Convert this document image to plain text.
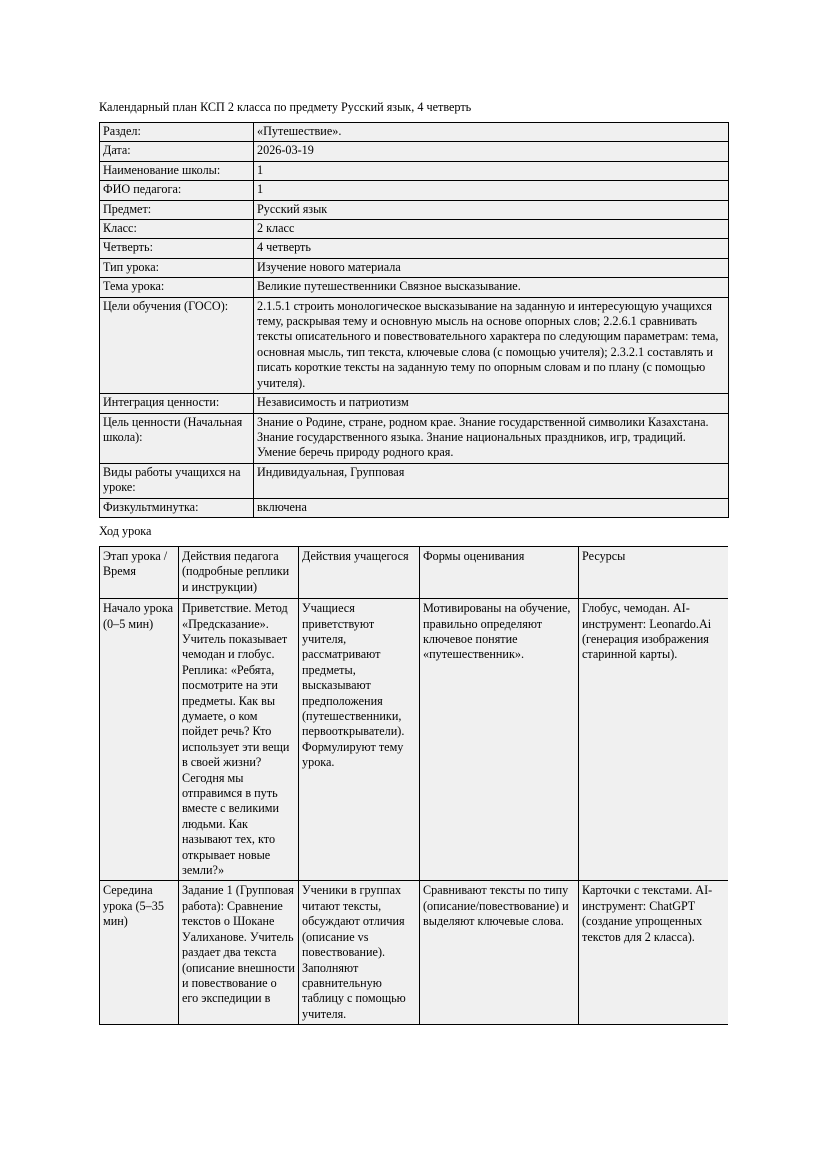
Календарный план КСП 2 класса по предмету Русский язык, 4 четверть

Раздел:	«Путешествие».
Дата:	2026-03-19
Наименование школы:	1
ФИО педагога:	1
Предмет:	Русский язык
Класс:	2 класс
Четверть:	4 четверть
Тип урока:	Изучение нового материала
Тема урока:	Великие путешественники Связное высказывание.
Цели обучения (ГОСО):	2.1.5.1 строить монологическое высказывание на заданную и интересующую учащихся тему, раскрывая тему и основную мысль на основе опорных слов; 2.2.6.1 сравнивать тексты описательного и повествовательного характера по следующим параметрам: тема, основная мысль, тип текста, ключевые слова (с помощью учителя); 2.3.2.1 составлять и писать короткие тексты на заданную тему по опорным словам и по плану (с помощью учителя).
Интеграция ценности:	Независимость и патриотизм
Цель ценности (Начальная школа):	Знание о Родине, стране, родном крае. Знание государственной символики Казахстана. Знание государственного языка. Знание национальных праздников, игр, традиций. Умение беречь природу родного края.
Виды работы учащихся на уроке:	Индивидуальная, Групповая
Физкультминутка:	включена

Ход урока

Этап урока / Время	Действия педагога (подробные реплики и инструкции)	Действия учащегося	Формы оценивания	Ресурсы
Начало урока (0–5 мин)	Приветствие. Метод «Предсказание». Учитель показывает чемодан и глобус. Реплика: «Ребята, посмотрите на эти предметы. Как вы думаете, о ком пойдет речь? Кто использует эти вещи в своей жизни? Сегодня мы отправимся в путь вместе с великими людьми. Как называют тех, кто открывает новые земли?»	Учащиеся приветствуют учителя, рассматривают предметы, высказывают предположения (путешественники, первооткрыватели). Формулируют тему урока.	Мотивированы на обучение, правильно определяют ключевое понятие «путешественник».	Глобус, чемодан. AI-инструмент: Leonardo.Ai (генерация изображения старинной карты).
Середина урока (5–35 мин)	Задание 1 (Групповая работа): Сравнение текстов о Шокане Уалиханове. Учитель раздает два текста (описание внешности и повествование о его экспедиции в	Ученики в группах читают тексты, обсуждают отличия (описание vs повествование). Заполняют сравнительную таблицу с помощью учителя.	Сравнивают тексты по типу (описание/повествование) и выделяют ключевые слова.	Карточки с текстами. AI-инструмент: ChatGPT (создание упрощенных текстов для 2 класса).
